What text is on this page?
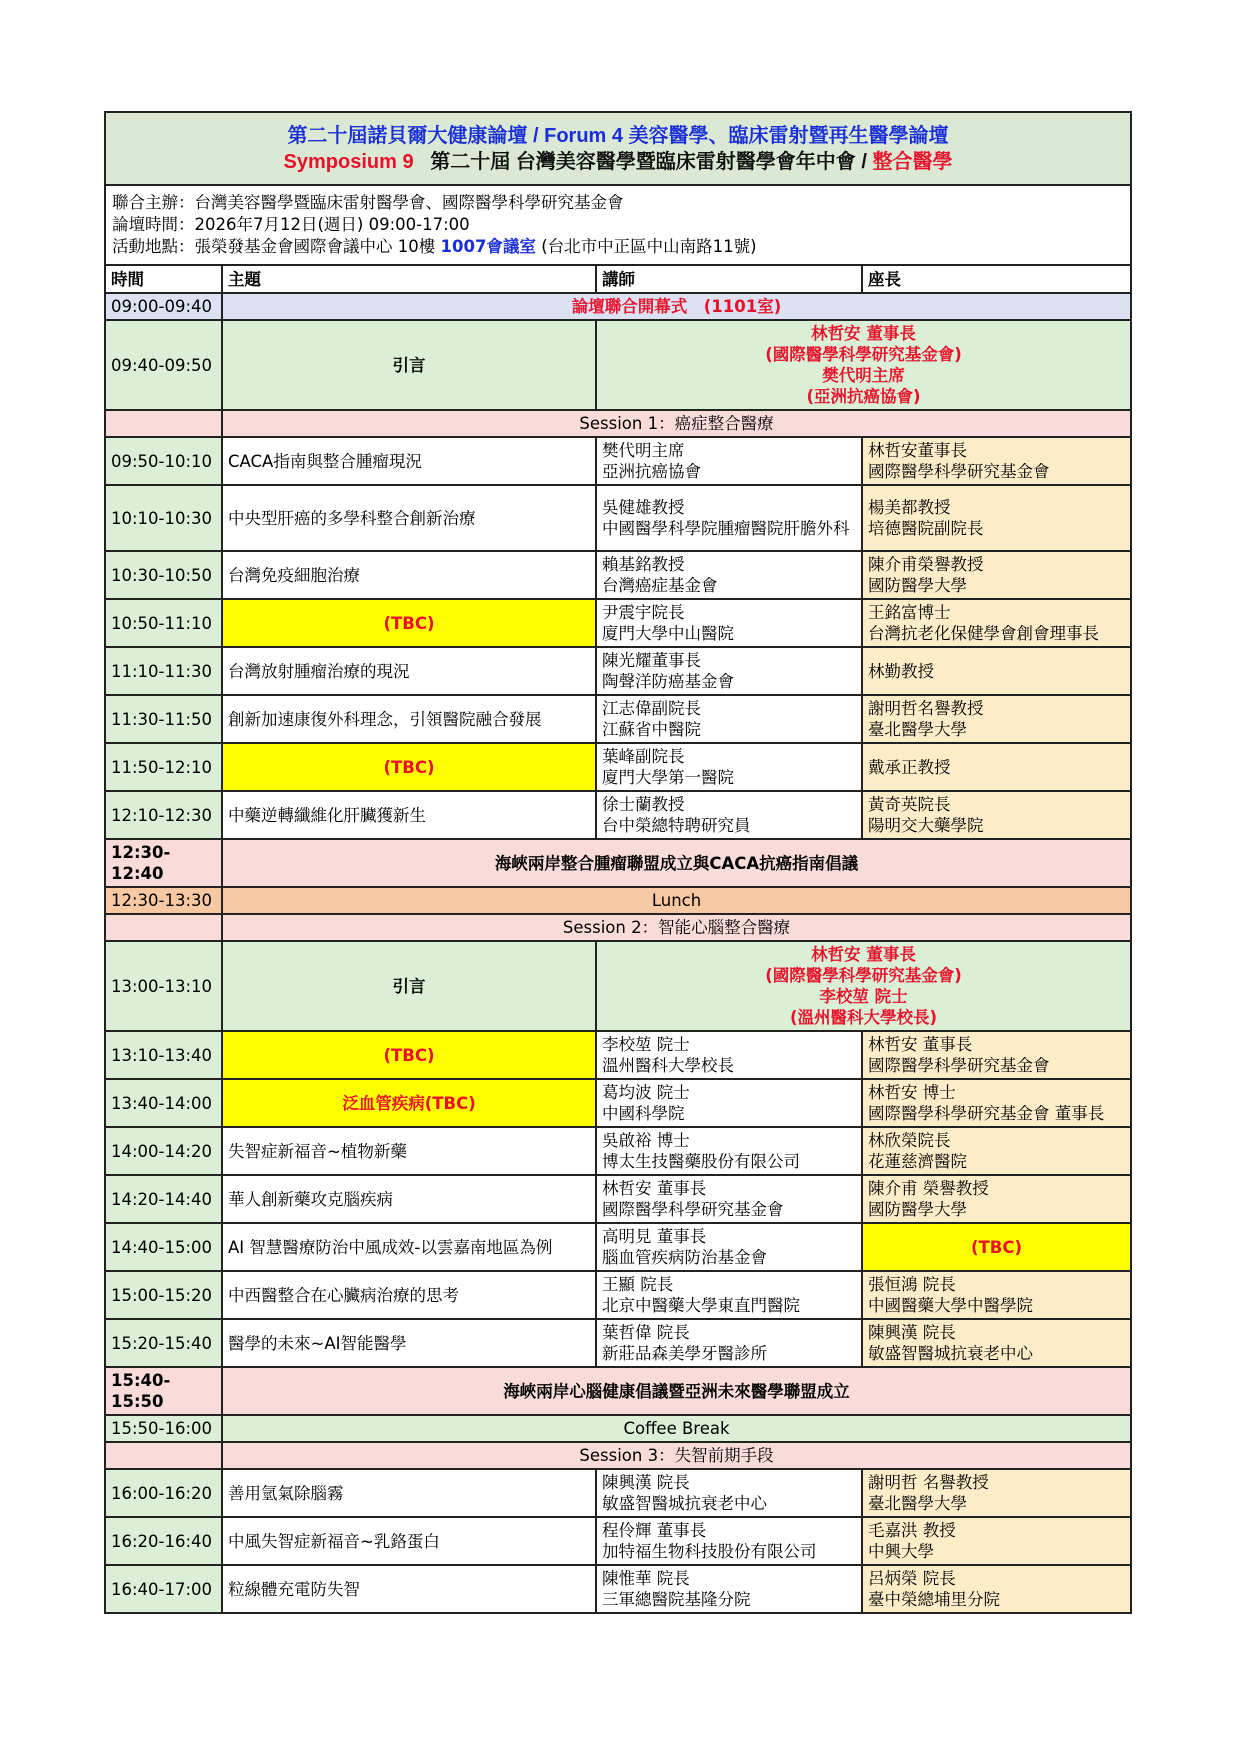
第二十屆諾貝爾大健康論壇 / Forum 4 美容醫學、臨床雷射暨再生醫學論壇
Symposium 9 第二十屆 台灣美容醫學暨臨床雷射醫學會年中會 / 整合醫學			

聯合主辦：台灣美容醫學暨臨床雷射醫學會、國際醫學科學研究基金會
論壇時間：2026年7月12日(週日) 09:00-17:00
活動地點：張榮發基金會國際會議中心 10樓 1007會議室 (台北市中正區中山南路11號)			

時間	主題	講師	座長
09:00-09:40	論壇聯合開幕式　(1101室)		
09:40-09:50	引言	林哲安 董事長
(國際醫學科學研究基金會)
樊代明主席
(亞洲抗癌協會)	

	Session 1：癌症整合醫療		
09:50-10:10	CACA指南與整合腫瘤現況	樊代明主席
亞洲抗癌協會	林哲安董事長
國際醫學科學研究基金會

10:10-10:30	中央型肝癌的多學科整合創新治療	吳健雄教授
中國醫學科學院腫瘤醫院肝膽外科	楊美都教授
培德醫院副院長

10:30-10:50	台灣免疫細胞治療	賴基銘教授
台灣癌症基金會	陳介甫榮譽教授
國防醫學大學

10:50-11:10	(TBC)	尹震宇院長
廈門大學中山醫院	王銘富博士
台灣抗老化保健學會創會理事長

11:10-11:30	台灣放射腫瘤治療的現況	陳光耀董事長
陶聲洋防癌基金會	林勤教授

11:30-11:50	創新加速康復外科理念，引領醫院融合發展	江志偉副院長
江蘇省中醫院	謝明哲名譽教授
臺北醫學大學

11:50-12:10	(TBC)	葉峰副院長
廈門大學第一醫院	戴承正教授

12:10-12:30	中藥逆轉纖維化肝臟獲新生	徐士蘭教授
台中榮總特聘研究員	黃奇英院長
陽明交大藥學院

12:30-12:40	海峽兩岸整合腫瘤聯盟成立與CACA抗癌指南倡議		
12:30-13:30	Lunch		
	Session 2：智能心腦整合醫療		
13:00-13:10	引言	林哲安 董事長
(國際醫學科學研究基金會)
李校堃 院士
(溫州醫科大學校長)	

13:10-13:40	(TBC)	李校堃 院士
溫州醫科大學校長	林哲安 董事長
國際醫學科學研究基金會

13:40-14:00	泛血管疾病(TBC)	葛均波 院士
中國科學院	林哲安 博士
國際醫學科學研究基金會 董事長

14:00-14:20	失智症新福音~植物新藥	吳啟裕 博士
博太生技醫藥股份有限公司	林欣榮院長
花蓮慈濟醫院

14:20-14:40	華人創新藥攻克腦疾病	林哲安 董事長
國際醫學科學研究基金會	陳介甫 榮譽教授
國防醫學大學

14:40-15:00	AI 智慧醫療防治中風成效-以雲嘉南地區為例	高明見 董事長
腦血管疾病防治基金會	(TBC)

15:00-15:20	中西醫整合在心臟病治療的思考	王顯 院長
北京中醫藥大學東直門醫院	張恒鴻 院長
中國醫藥大學中醫學院

15:20-15:40	醫學的未來~AI智能醫學	葉哲偉 院長
新莊品森美學牙醫診所	陳興漢 院長
敏盛智醫城抗衰老中心

15:40-15:50	海峽兩岸心腦健康倡議暨亞洲未來醫學聯盟成立		
15:50-16:00	Coffee Break		
	Session 3：失智前期手段		
16:00-16:20	善用氫氣除腦霧	陳興漢 院長
敏盛智醫城抗衰老中心	謝明哲 名譽教授
臺北醫學大學

16:20-16:40	中風失智症新福音~乳鉻蛋白	程伶輝 董事長
加特福生物科技股份有限公司	毛嘉洪 教授
中興大學

16:40-17:00	粒線體充電防失智	陳惟華 院長
三軍總醫院基隆分院	呂炳榮 院長
臺中榮總埔里分院
